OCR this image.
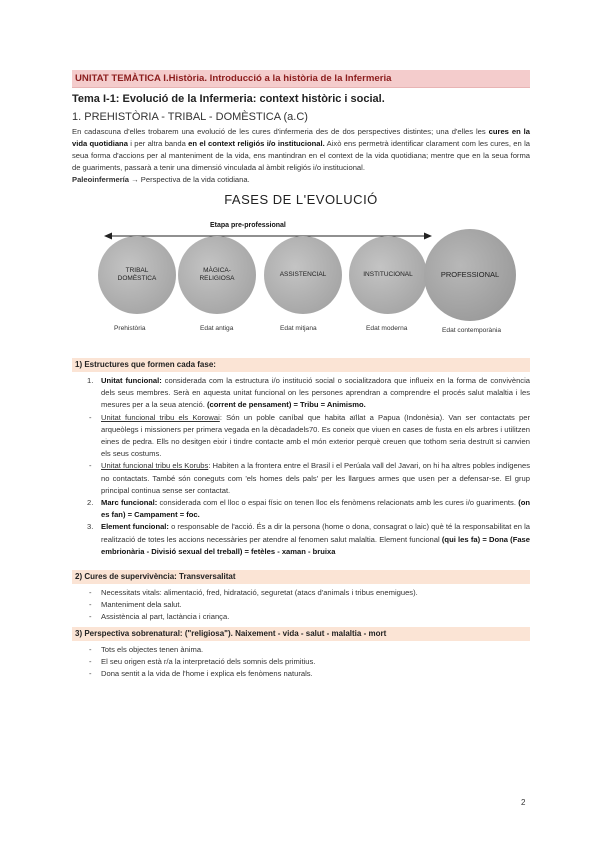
UNITAT TEMÀTICA I.Història. Introducció a la història de la Infermeria
Tema I-1: Evolució de la Infermeria: context històric i social.
1. PREHISTÒRIA - TRIBAL - DOMÈSTICA (a.C)
En cadascuna d'elles trobarem una evolució de les cures d'infermeria des de dos perspectives distintes; una d'elles les cures en la vida quotidiana i per altra banda en el context religiós i/o institucional. Això ens permetrà identificar clarament com les cures, en la seua forma d'accions per al manteniment de la vida, ens mantindran en el context de la vida quotidiana; mentre que en la seua forma de guariments, passarà a tenir una dimensió vinculada al àmbit religiós i/o institucional.
Paleoinfermería → Perspectiva de la vida cotidiana.
FASES DE L'EVOLUCIÓ
Etapa pre-professional
TRIBAL
DOMÈSTICA
MÀGICA-
RELIGIOSA
ASSISTENCIAL	INSTITUCIONAL	PROFESSIONAL
Prehistòria	Edat antiga	Edat mitjana	Edat moderna	Edat contemporània
1) Estructures que formen cada fase:
1. Unitat funcional: considerada com la estructura i/o institució social o socialitzadora que influeix en la forma de convivència dels seus membres. Serà en aquesta unitat funcional on les persones aprendran a comprendre el procés salut malaltia i les mesures per a la seua atenció. (corrent de pensament) = Tribu = Animismo.
- Unitat funcional tribu els Korowai: Són un poble caníbal que habita aïllat a Papua (Indonèsia). Van ser contactats per arqueòlegs i missioners per primera vegada en la dècadadels70. Es coneix que viuen en cases de fusta en els arbres i utilitzen eines de pedra. Ells no desitgen eixir i tindre contacte amb el món exterior perquè creuen que tothom seria destruït si canvien els seus costums.
- Unitat funcional tribu els Korubs: Habiten a la frontera entre el Brasil i el Perúala vall del Javari, on hi ha altres pobles indígenes no contactats. També són coneguts com 'els homes dels pals' per les llargues armes que usen per a defensar-se. El grup principal continua sense ser contactat.
2. Marc funcional: considerada com el lloc o espai físic on tenen lloc els fenòmens relacionats amb les cures i/o guariments. (on es fan) = Campament = foc.
3. Element funcional: o responsable de l'acció. És a dir la persona (home o dona, consagrat o laic) què té la responsabilitat en la realització de totes les accions necessàries per atendre al fenomen salut malaltia. Element funcional (qui les fa) = Dona (Fase embrionària - Divisió sexual del treball) = fetèles - xaman - bruixa
2) Cures de supervivència: Transversalitat
- Necessitats vitals: alimentació, fred, hidratació, seguretat (atacs d'animals i tribus enemigues).
- Manteniment dela salut.
- Assistència al part, lactància i criança.
3) Perspectiva sobrenatural: ("religiosa"). Naixement - vida - salut - malaltia - mort
- Tots els objectes tenen ànima.
- El seu origen està r/a la interpretació dels somnis dels primitius.
- Dona sentit a la vida de l'home i explica els fenòmens naturals.
2
